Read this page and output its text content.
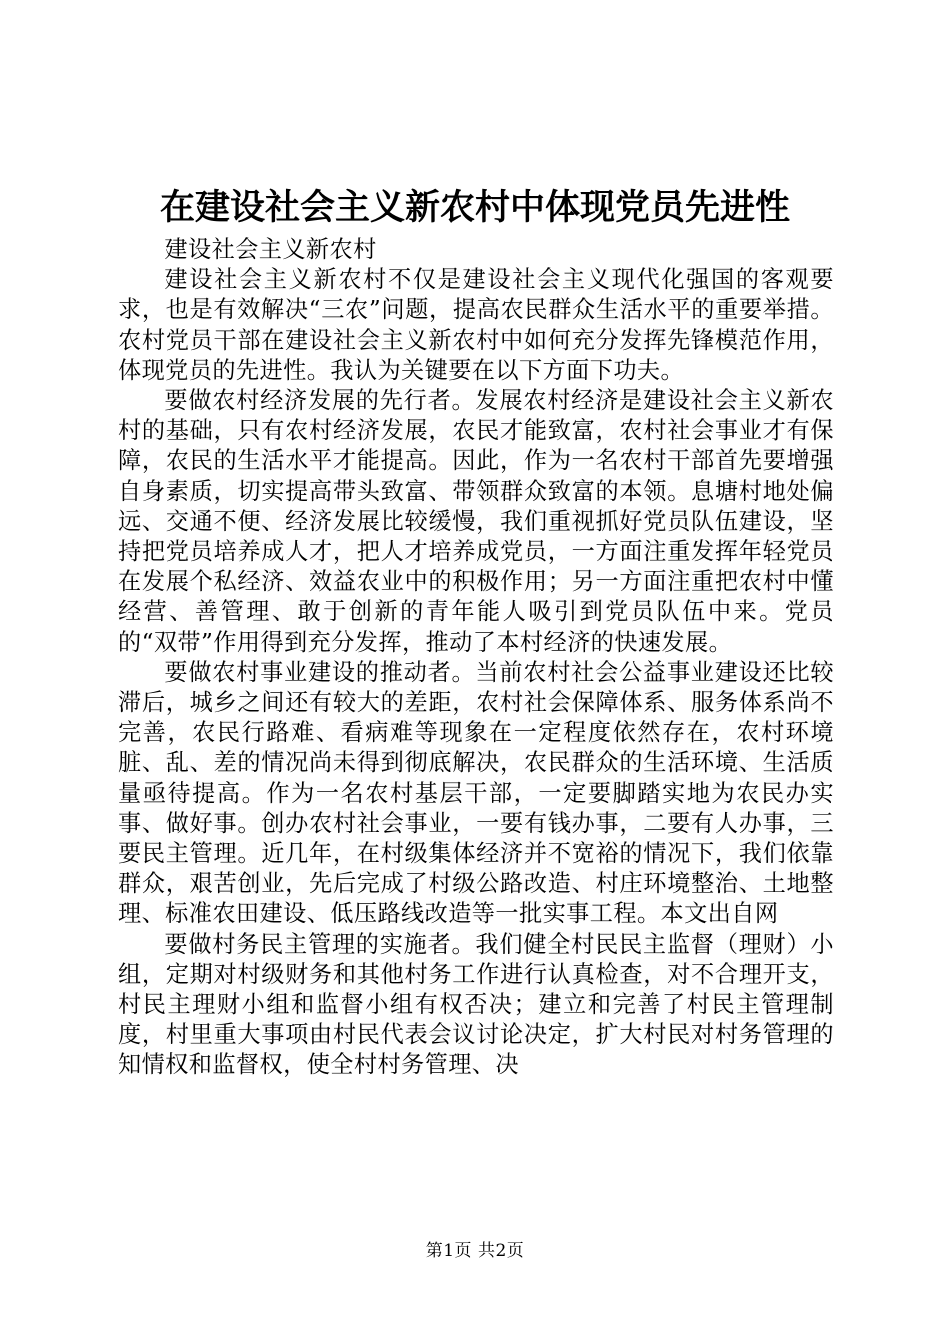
在建设社会主义新农村中体现党员先进性

建设社会主义新农村

建设社会主义新农村不仅是建设社会主义现代化强国的客观要求，也是有效解决“三农”问题，提高农民群众生活水平的重要举措。农村党员干部在建设社会主义新农村中如何充分发挥先锋模范作用，体现党员的先进性。我认为关键要在以下方面下功夫。

要做农村经济发展的先行者。发展农村经济是建设社会主义新农村的基础，只有农村经济发展，农民才能致富，农村社会事业才有保障，农民的生活水平才能提高。因此，作为一名农村干部首先要增强自身素质，切实提高带头致富、带领群众致富的本领。息塘村地处偏远、交通不便、经济发展比较缓慢，我们重视抓好党员队伍建设，坚持把党员培养成人才，把人才培养成党员，一方面注重发挥年轻党员在发展个私经济、效益农业中的积极作用；另一方面注重把农村中懂经营、善管理、敢于创新的青年能人吸引到党员队伍中来。党员的“双带”作用得到充分发挥，推动了本村经济的快速发展。

要做农村事业建设的推动者。当前农村社会公益事业建设还比较滞后，城乡之间还有较大的差距，农村社会保障体系、服务体系尚不完善，农民行路难、看病难等现象在一定程度依然存在，农村环境脏、乱、差的情况尚未得到彻底解决，农民群众的生活环境、生活质量亟待提高。作为一名农村基层干部，一定要脚踏实地为农民办实事、做好事。创办农村社会事业，一要有钱办事，二要有人办事，三要民主管理。近几年，在村级集体经济并不宽裕的情况下，我们依靠群众，艰苦创业，先后完成了村级公路改造、村庄环境整治、土地整理、标准农田建设、低压路线改造等一批实事工程。本文出自网

要做村务民主管理的实施者。我们健全村民民主监督（理财）小组，定期对村级财务和其他村务工作进行认真检查，对不合理开支，村民主理财小组和监督小组有权否决；建立和完善了村民主管理制度，村里重大事项由村民代表会议讨论决定，扩大村民对村务管理的知情权和监督权，使全村村务管理、决

第1页 共2页
